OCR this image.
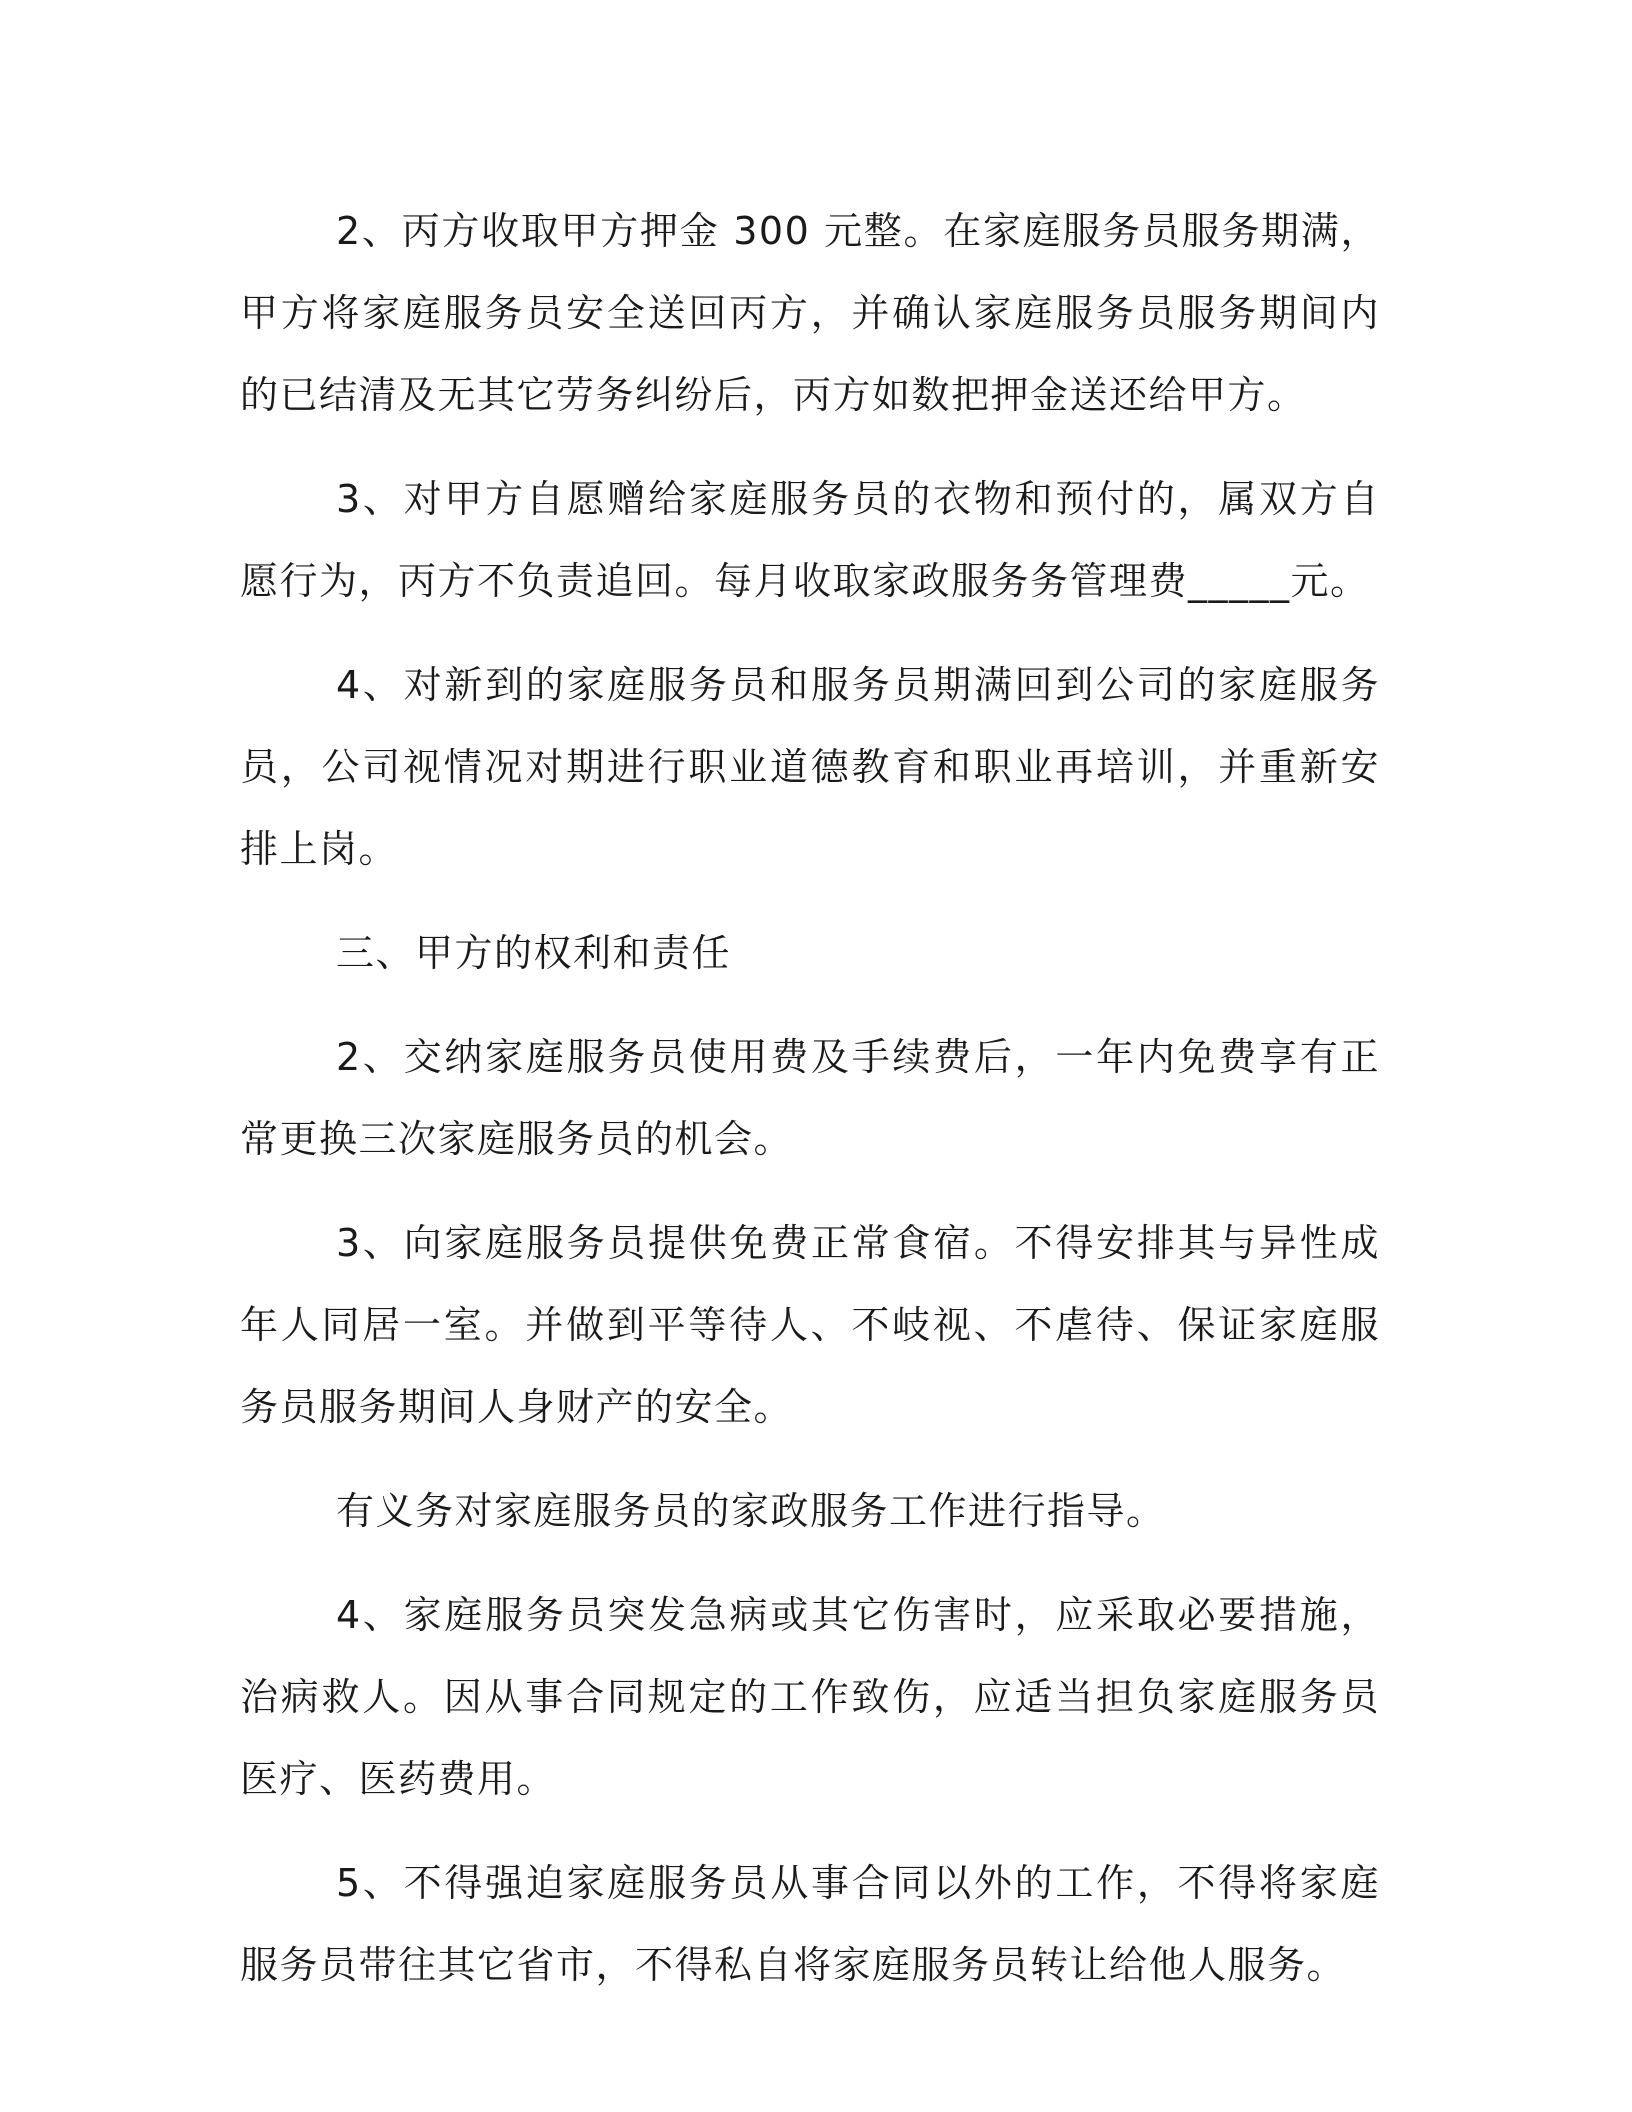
2、丙方收取甲方押金 300 元整。在家庭服务员服务期满，甲方将家庭服务员安全送回丙方，并确认家庭服务员服务期间内的已结清及无其它劳务纠纷后，丙方如数把押金送还给甲方。

3、对甲方自愿赠给家庭服务员的衣物和预付的，属双方自愿行为，丙方不负责追回。每月收取家政服务务管理费_____元。

4、对新到的家庭服务员和服务员期满回到公司的家庭服务员，公司视情况对期进行职业道德教育和职业再培训，并重新安排上岗。

三、甲方的权利和责任

2、交纳家庭服务员使用费及手续费后，一年内免费享有正常更换三次家庭服务员的机会。

3、向家庭服务员提供免费正常食宿。不得安排其与异性成年人同居一室。并做到平等待人、不岐视、不虐待、保证家庭服务员服务期间人身财产的安全。

有义务对家庭服务员的家政服务工作进行指导。

4、家庭服务员突发急病或其它伤害时，应采取必要措施，治病救人。因从事合同规定的工作致伤，应适当担负家庭服务员医疗、医药费用。

5、不得强迫家庭服务员从事合同以外的工作，不得将家庭服务员带往其它省市，不得私自将家庭服务员转让给他人服务。
